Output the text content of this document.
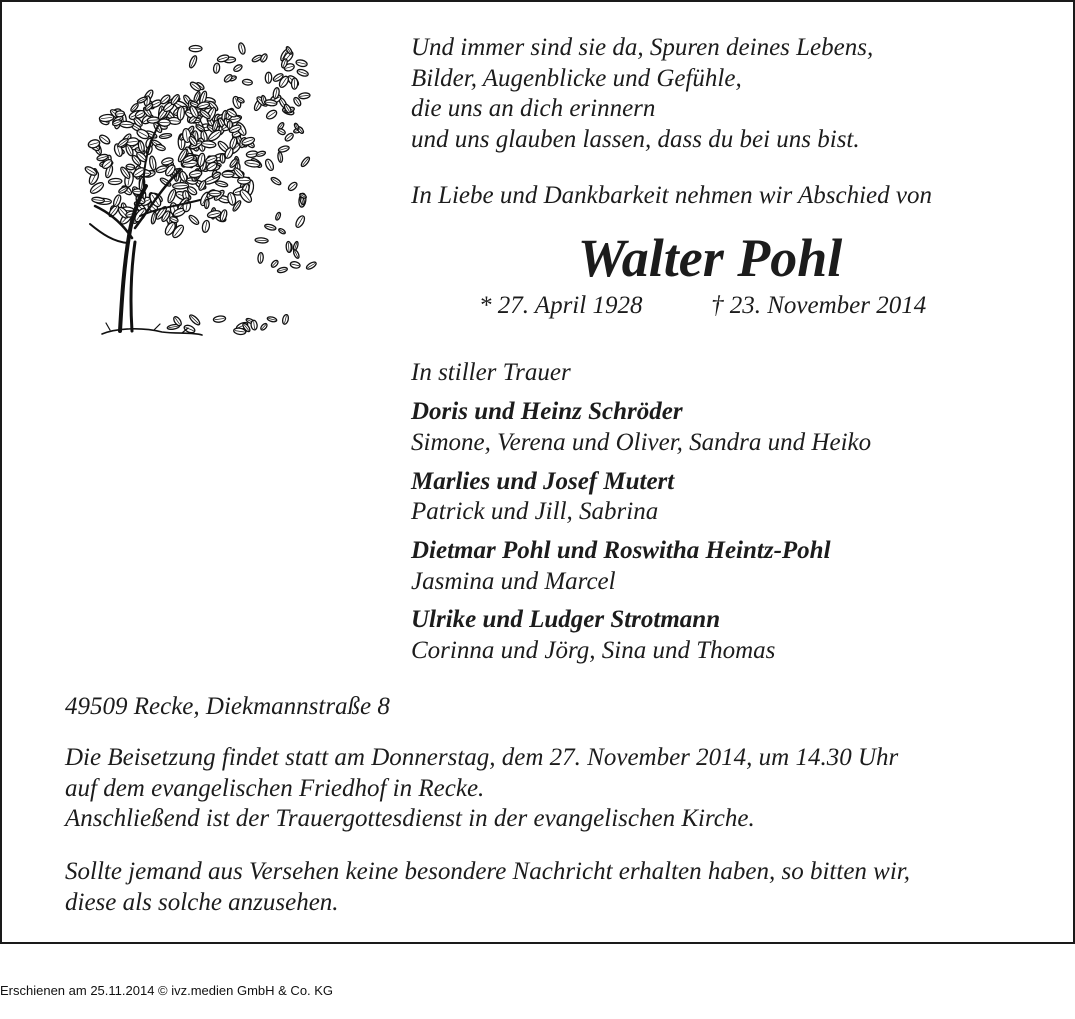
Und immer sind sie da, Spuren deines Lebens,
Bilder, Augenblicke und Gefühle,
die uns an dich erinnern
und uns glauben lassen, dass du bei uns bist.

In Liebe und Dankbarkeit nehmen wir Abschied von

Walter Pohl
* 27. April 1928	† 23. November 2014
In stiller Trauer
Doris und Heinz Schröder
Simone, Verena und Oliver, Sandra und Heiko
Marlies und Josef Mutert
Patrick und Jill, Sabrina
Dietmar Pohl und Roswitha Heintz-Pohl
Jasmina und Marcel
Ulrike und Ludger Strotmann
Corinna und Jörg, Sina und Thomas
49509 Recke, Diekmannstraße 8

Die Beisetzung findet statt am Donnerstag, dem 27. November 2014, um 14.30 Uhr
auf dem evangelischen Friedhof in Recke.
Anschließend ist der Trauergottesdienst in der evangelischen Kirche.

Sollte jemand aus Versehen keine besondere Nachricht erhalten haben, so bitten wir,
diese als solche anzusehen.

Erschienen am 25.11.2014 © ivz.medien GmbH & Co. KG
